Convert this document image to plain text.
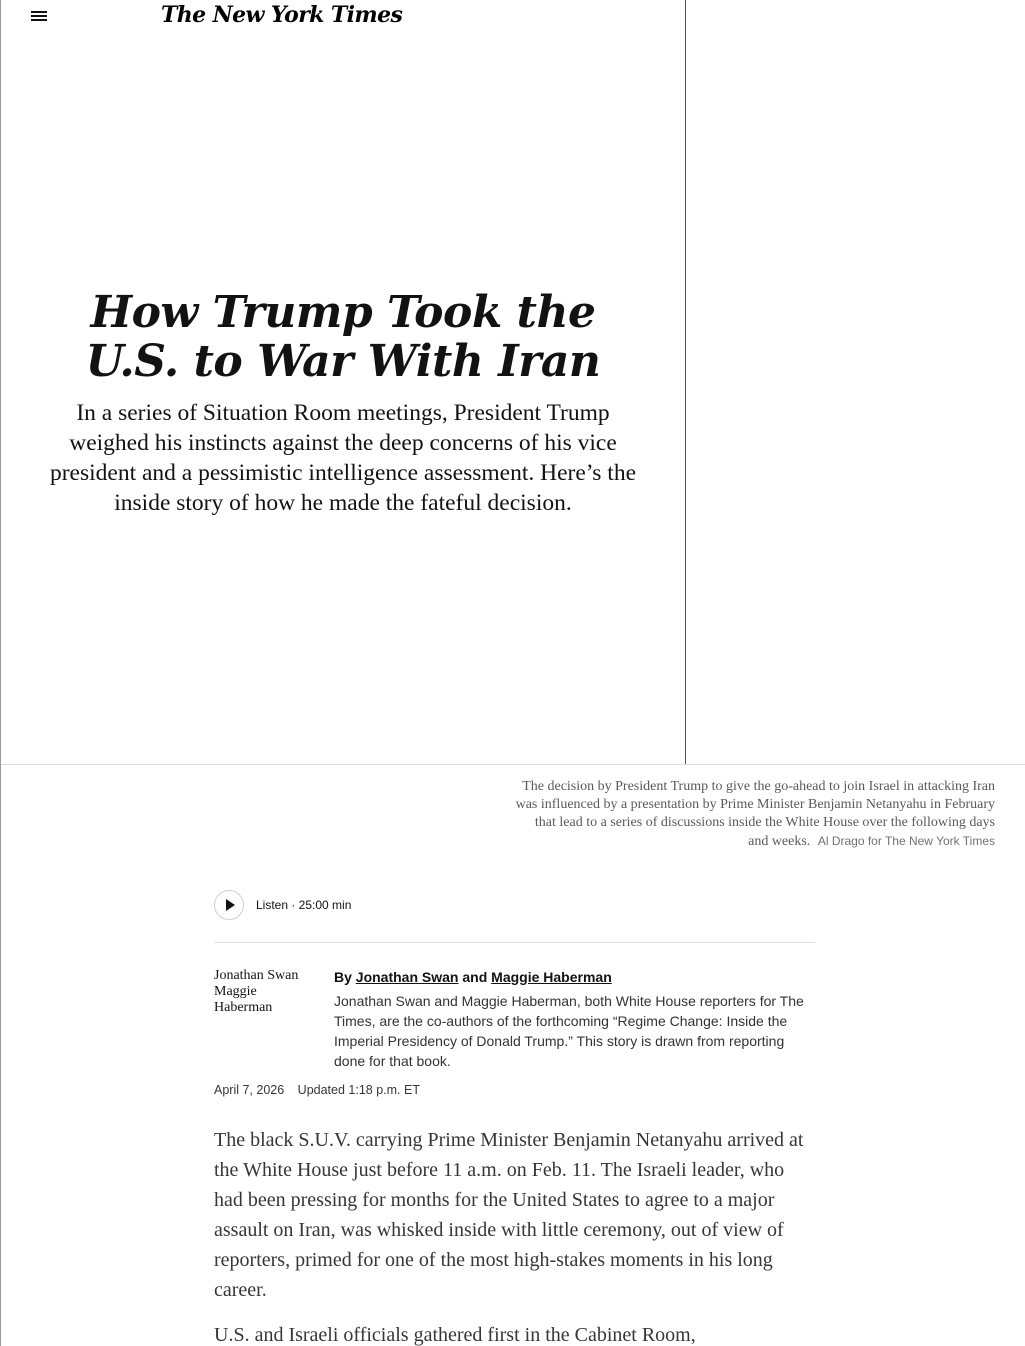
The New York Times
How Trump Took the U.S. to War With Iran

In a series of Situation Room meetings, President Trump weighed his instincts against the deep concerns of his vice president and a pessimistic intelligence assessment. Here’s the inside story of how he made the fateful decision.

The decision by President Trump to give the go-ahead to join Israel in attacking Iran was influenced by a presentation by Prime Minister Benjamin Netanyahu in February that lead to a series of discussions inside the White House over the following days and weeks. Al Drago for The New York Times
Listen · 25:00 min
Jonathan Swan Maggie Haberman
By Jonathan Swan and Maggie Haberman

Jonathan Swan and Maggie Haberman, both White House reporters for The Times, are the co-authors of the forthcoming “Regime Change: Inside the Imperial Presidency of Donald Trump.” This story is drawn from reporting done for that book.

April 7, 2026 Updated 1:18 p.m. ET

The black S.U.V. carrying Prime Minister Benjamin Netanyahu arrived at the White House just before 11 a.m. on Feb. 11. The Israeli leader, who had been pressing for months for the United States to agree to a major assault on Iran, was whisked inside with little ceremony, out of view of reporters, primed for one of the most high-stakes moments in his long career.

U.S. and Israeli officials gathered first in the Cabinet Room,
